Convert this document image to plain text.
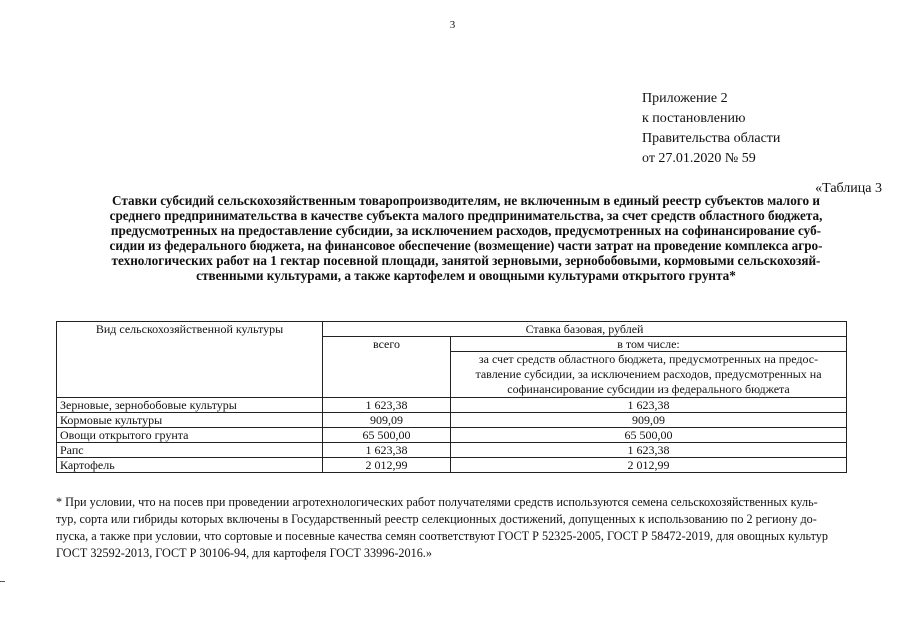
3
Приложение 2
к постановлению
Правительства области
от 27.01.2020 № 59
«Таблица 3
Ставки субсидий сельскохозяйственным товаропроизводителям, не включенным в единый реестр субъектов малого и
среднего предпринимательства в качестве субъекта малого предпринимательства, за счет средств областного бюджета,
предусмотренных на предоставление субсидии, за исключением расходов, предусмотренных на софинансирование суб-
сидии из федерального бюджета, на финансовое обеспечение (возмещение) части затрат на проведение комплекса агро-
технологических работ на 1 гектар посевной площади, занятой зерновыми, зернобобовыми, кормовыми сельскохозяй-
ственными культурами, а также картофелем и овощными культурами открытого грунта*
Вид сельскохозяйственной культуры	Ставка базовая, рублей	
	всего	в том числе:

		за счет средств областного бюджета, предусмотренных на предос-
тавление субсидии, за исключением расходов, предусмотренных на
софинансирование субсидии из федерального бюджета

Зерновые, зернобобовые культуры	1 623,38	1 623,38
Кормовые культуры	909,09	909,09
Овощи открытого грунта	65 500,00	65 500,00
Рапс	1 623,38	1 623,38
Картофель	2 012,99	2 012,99
* При условии, что на посев при проведении агротехнологических работ получателями средств используются семена сельскохозяйственных куль-
тур, сорта или гибриды которых включены в Государственный реестр селекционных достижений, допущенных к использованию по 2 региону до-
пуска, а также при условии, что сортовые и посевные качества семян соответствуют ГОСТ Р 52325-2005, ГОСТ Р 58472-2019, для овощных культур
ГОСТ 32592-2013, ГОСТ Р 30106-94, для картофеля ГОСТ 33996-2016.»
